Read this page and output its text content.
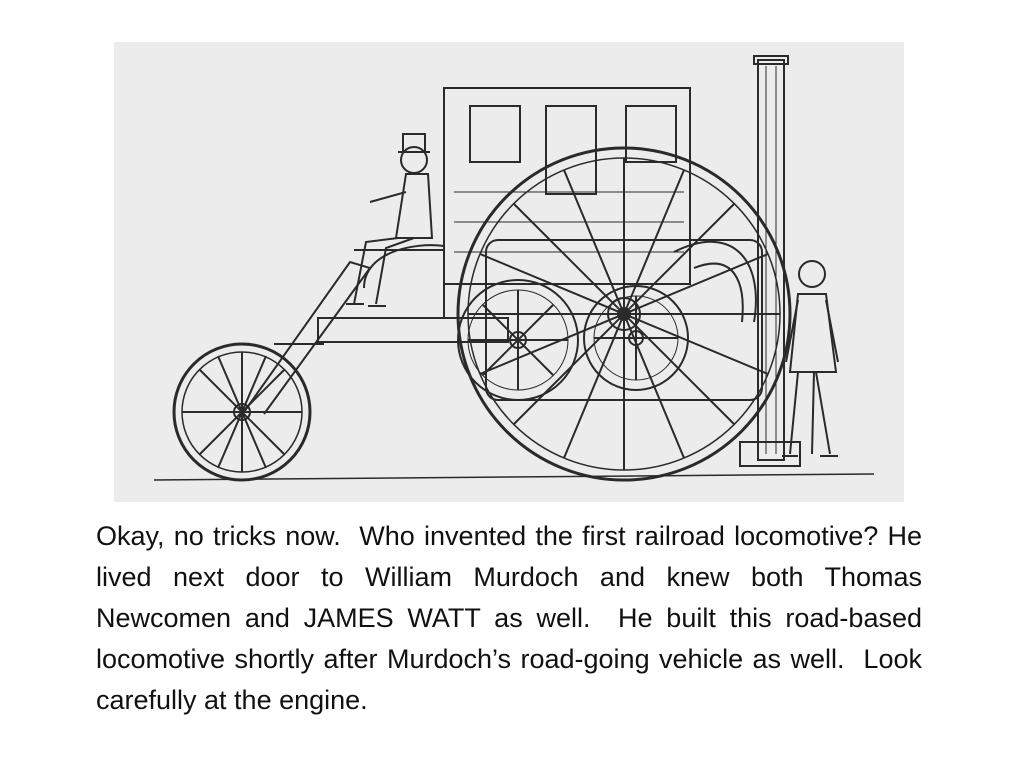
Okay, no tricks now.  Who invented the first railroad locomotive? He lived next door to William Murdoch and knew both Thomas Newcomen and JAMES WATT as well.  He built this road-based locomotive shortly after Murdoch’s road-going vehicle as well.  Look carefully at the engine.
